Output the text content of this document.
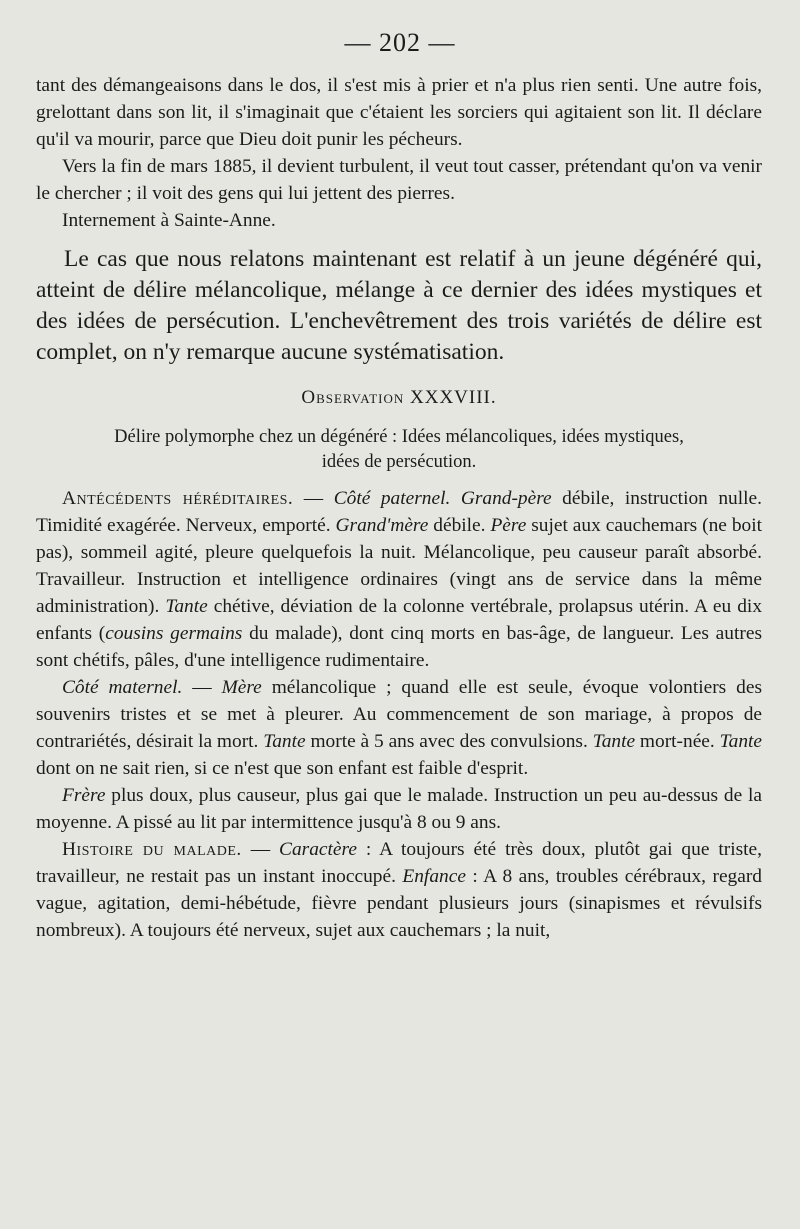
— 202 —

tant des démangeaisons dans le dos, il s'est mis à prier et n'a plus rien senti. Une autre fois, grelottant dans son lit, il s'imaginait que c'étaient les sorciers qui agitaient son lit. Il déclare qu'il va mourir, parce que Dieu doit punir les pécheurs.

Vers la fin de mars 1885, il devient turbulent, il veut tout casser, prétendant qu'on va venir le chercher ; il voit des gens qui lui jettent des pierres.

Internement à Sainte-Anne.

Le cas que nous relatons maintenant est relatif à un jeune dégénéré qui, atteint de délire mélancolique, mélange à ce dernier des idées mystiques et des idées de persécution. L'enchevêtrement des trois variétés de délire est complet, on n'y remarque aucune systématisation.

Observation XXXVIII.

Délire polymorphe chez un dégénéré : Idées mélancoliques, idées mystiques,
idées de persécution.

Antécédents héréditaires. — Côté paternel. Grand-père débile, instruction nulle. Timidité exagérée. Nerveux, emporté. Grand'mère débile. Père sujet aux cauchemars (ne boit pas), sommeil agité, pleure quelquefois la nuit. Mélancolique, peu causeur paraît absorbé. Travailleur. Instruction et intelligence ordinaires (vingt ans de service dans la même administration). Tante chétive, déviation de la colonne vertébrale, prolapsus utérin. A eu dix enfants (cousins germains du malade), dont cinq morts en bas-âge, de langueur. Les autres sont chétifs, pâles, d'une intelligence rudimentaire.

Côté maternel. — Mère mélancolique ; quand elle est seule, évoque volontiers des souvenirs tristes et se met à pleurer. Au commencement de son mariage, à propos de contrariétés, désirait la mort. Tante morte à 5 ans avec des convulsions. Tante mort-née. Tante dont on ne sait rien, si ce n'est que son enfant est faible d'esprit.

Frère plus doux, plus causeur, plus gai que le malade. Instruction un peu au-dessus de la moyenne. A pissé au lit par intermittence jusqu'à 8 ou 9 ans.

Histoire du malade. — Caractère : A toujours été très doux, plutôt gai que triste, travailleur, ne restait pas un instant inoccupé. Enfance : A 8 ans, troubles cérébraux, regard vague, agitation, demi-hébétude, fièvre pendant plusieurs jours (sinapismes et révulsifs nombreux). A toujours été nerveux, sujet aux cauchemars ; la nuit,
